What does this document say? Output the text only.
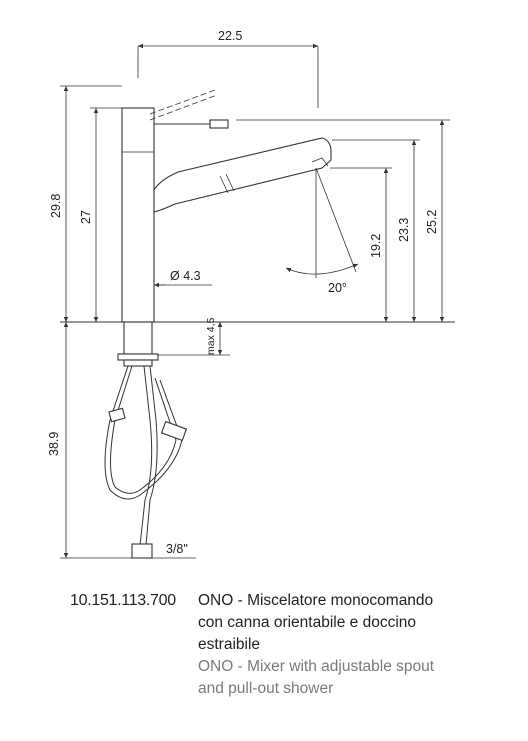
20°
22.5
29.8 27
Ø 4.3
max 4,5
19.2
23.3 25.2
38.9
3/8"
10.151.113.700 ONO - Miscelatore monocomando
con canna orientabile e doccino
estraibile
ONO - Mixer with adjustable spout
and pull-out shower
